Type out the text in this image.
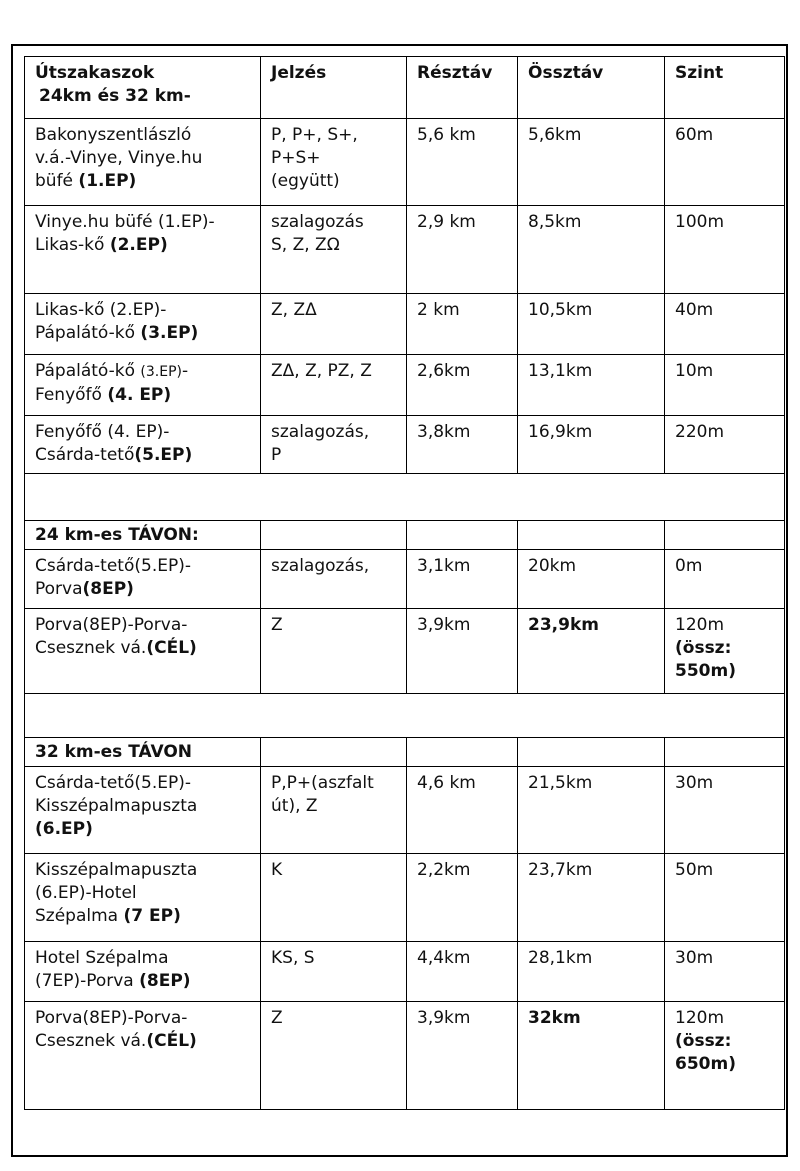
Útszakaszok
24km és 32 km-	Jelzés	Résztáv	Össztáv	Szint

Bakonyszentlászló
v.á.-Vinye, Vinye.hu
büfé (1.EP)	P, P+, S+,
P+S+
(együtt)	5,6 km	5,6km	60m

Vinye.hu büfé (1.EP)-
Likas-kő (2.EP)	szalagozás
S, Z, ZΩ	2,9 km	8,5km	100m

Likas-kő (2.EP)-
Pápalátó-kő (3.EP)	Z, ZΔ	2 km	10,5km	40m

Pápalátó-kő (3.EP)-
Fenyőfő (4. EP)	ZΔ, Z, PZ, Z	2,6km	13,1km	10m

Fenyőfő (4. EP)-
Csárda-tető(5.EP)	szalagozás,
P	3,8km	16,9km	220m

24 km-es TÁVON:				

Csárda-tető(5.EP)-
Porva(8EP)	szalagozás,	3,1km	20km	0m

Porva(8EP)-Porva-
Csesznek vá.(CÉL)	Z	3,9km	23,9km	120m
(össz:
550m)

32 km-es TÁVON				

Csárda-tető(5.EP)-
Kisszépalmapuszta
(6.EP)	P,P+(aszfalt
út), Z	4,6 km	21,5km	30m

Kisszépalmapuszta
(6.EP)-Hotel
Szépalma (7 EP)	K	2,2km	23,7km	50m

Hotel Szépalma
(7EP)-Porva (8EP)	KS, S	4,4km	28,1km	30m

Porva(8EP)-Porva-
Csesznek vá.(CÉL)	Z	3,9km	32km	120m
(össz:
650m)
